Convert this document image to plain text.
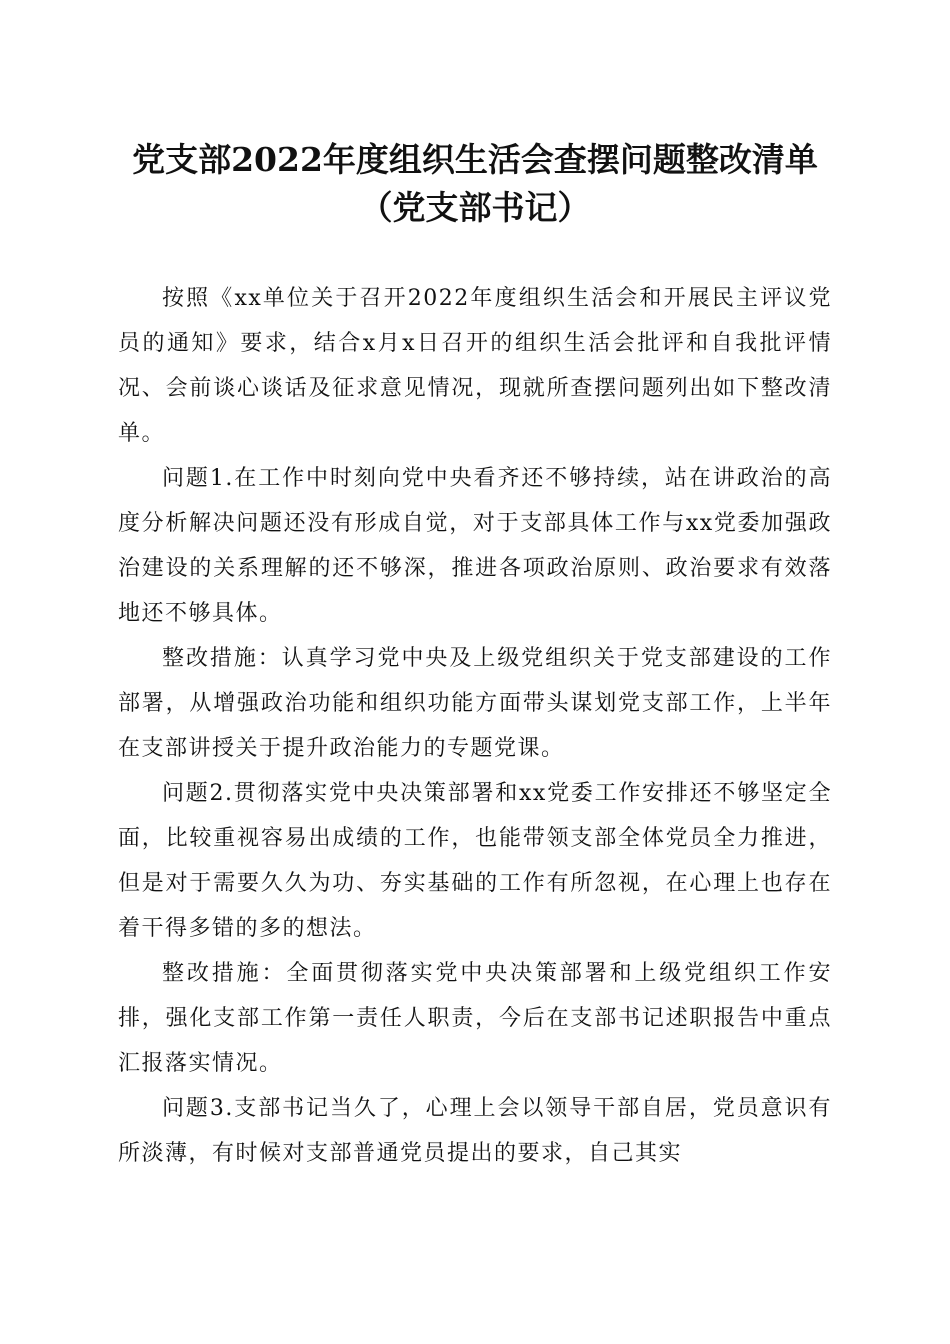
党支部2022年度组织生活会查摆问题整改清单（党支部书记）

按照《xx单位关于召开2022年度组织生活会和开展民主评议党员的通知》要求，结合x月x日召开的组织生活会批评和自我批评情况、会前谈心谈话及征求意见情况，现就所查摆问题列出如下整改清单。

问题1.在工作中时刻向党中央看齐还不够持续，站在讲政治的高度分析解决问题还没有形成自觉，对于支部具体工作与xx党委加强政治建设的关系理解的还不够深，推进各项政治原则、政治要求有效落地还不够具体。

整改措施：认真学习党中央及上级党组织关于党支部建设的工作部署，从增强政治功能和组织功能方面带头谋划党支部工作，上半年在支部讲授关于提升政治能力的专题党课。

问题2.贯彻落实党中央决策部署和xx党委工作安排还不够坚定全面，比较重视容易出成绩的工作，也能带领支部全体党员全力推进，但是对于需要久久为功、夯实基础的工作有所忽视，在心理上也存在着干得多错的多的想法。

整改措施：全面贯彻落实党中央决策部署和上级党组织工作安排，强化支部工作第一责任人职责，今后在支部书记述职报告中重点汇报落实情况。

问题3.支部书记当久了，心理上会以领导干部自居，党员意识有所淡薄，有时候对支部普通党员提出的要求，自己其实
